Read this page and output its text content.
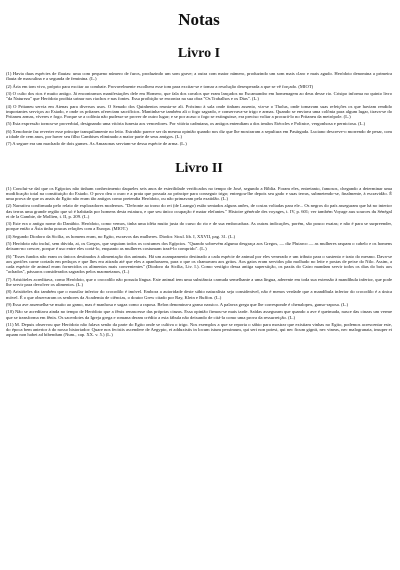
Notas
Livro I

(1) Havia duas espécies de flautas: uma com pequeno número de furos, produzindo um som grave; a outra com maior número, produzindo um som mais claro e mais agudo. Heródoto denomina a primeira flauta de masculina e a segunda de feminina. (L.)

(2) Ária em tom vivo, próprio para excitar ao combate. Provavelmente escolhera esse tom para excitar-se e tomar a resolução desesperada a que se vê forçado. (MIOT)

(3) O culto dos rios é muito antigo. Já encontramos manifestações dele em Homero, que fala dos cavalos que eram lançados no Escamandro em homenagem ao deus desse rio. Crisipo informa no quinto livro "da Natureza" que Heródoto proibia urinar nos riachos e nas fontes. Essa proibição se encontra na sua obra "Os Trabalhos e os Dias". (L.)

(4) O Pritaneu servia em Atenas para diversos usos. O Senado dos Quinhentos reunia-se ali. Próximo à sala onde tinham assento, via-se o Tholus, onde tomavam suas refeições os que haviam rendido importantes serviços ao Estado, e onde os prítanes ofereciam sacrifícios. Mantinha-se também ali o fogo sagrado, e conservava-se trigo e armas. Quando se enviava uma colônia para algum lugar, tirava-se do Pritaneu armas, víveres e fogo. Porque se a colônia não pudesse se prover de outro lugar; e se por acaso o fogo se extinguisse, era preciso voltar a procurá-lo no Pritaneu da metrópole. (L.)

(5) Esta expressão tornou-se proverbial, designando uma vitória funesta aos vencedores. Por vitória cadmiana, os antigos entendiam a dos irmãos Etéocles e Polinice, vergonhosa e perniciosa. (L.)

(6) Xenofonte faz reverter esse príncipe tranquilamente no leito. Estrabão parece ser da mesma opinião quando nos diz que lhe mostraram a sepultura em Pasárgada. Luciano descreve-o morrendo de pesar, com a idade de cem anos, por haver seu filho Cambises eliminado a maior parte de seus amigos. (L.)

(7) A segure era um machado de dois gumes. As Amazonas serviam-se dessa espécie de arma. (L.)

Livro II

(1) Conclui-se daí que os Egípcios não tinham conhecimento daqueles seis anos de esterilidade verificados no tempo de José, segundo a Bíblia. Foram eles, entretanto, famosos, chegando a determinar uma modificação total na constituição do Estado. O povo deu o ouro e a prata que possuía ao príncipe para conseguir trigo; entregou-lhe depois seu gado e suas terras, submetendo-se, finalmente, à escravidão. É uma prova de que os anais do Egito não eram tão antigos como pretendia Heródoto, ou não primavam pela exatidão. (L.)

(2) Narrativa confirmada pelo relato de exploradores modernos. "Defronte ao trono do rei (de Loango) estão sentados alguns anões, de costas voltadas para ele... Os negros do país asseguram que há no interior das terras uma grande região que só é habitada por homens desta estatura, e que seu único ocupação é matar elefantes." Histoire générale des voyages, t. IV, p. 601; ver também Voyage aux sources du Sénégal et de la Gambie, de Mollien, t. II, p. 209. (L.)

(3) Este era o antigo nome do Danúbio. Heródoto, como vemos, tinha uma idéia muito justa do curso do rio e de sua embocadura. As outras indicações, porém, são pouco exatas; e não é para se surpreender, porque então a Ásia tinha poucas relações com a Europa. (MIOT.)

(4) Segundo Diodoro da Sicília, os homens eram, no Egito, escravos das mulheres. Diodor. Sicul. lib. I, XXVII, pag. 31. (L.)

(5) Heródoto não incluí, sem dúvida, ai, os Gregos, que seguiam todos os costumes dos Egípcios. "Quando sobrevém alguma desgraça aos Gregos, — diz Plutarco — as mulheres raspam o cabelo e os homens deixam-no crescer, porque é uso entre eles cortá-lo, enquanto as mulheres costumam trazê-lo comprido". (L.)

(6) "Esses fundos não eram os únicos destinados à alimentação dos animais. Há um acampamento destinado a cada espécie de animal por eles venerado e um tributo para o sustento e trato do mesmo. Dava-se aos gaviões carne cortada em pedaços e que lhes era atirada até que eles a apanhassem, para o que os chamavam aos gritos. Aos gatos eram servidos pão molhado no leite e postas de peixe do Nilo. Assim, a cada espécie de animal eram fornecidos os alimentos mais convenientes" (Diodoro da Sicília, Liv. I.). Como vestígio dessa antiga superstição, os paxás do Cairo mandam servir todos os dias do bois aos "achados", pássaros considerados sagrados pelos maometanos, (L.)

(7) Aristóteles acreditava, como Heródoto, que o crocodilo não possuía língua. Este animal tem uma substância carnuda semelhante a uma língua, aderente em toda sua extensão à mandíbula inferior, que pode lhe servir para devolver os alimentos. (L.)

(8) Aristóteles diz também que o maxilar inferior do crocodilo é imóvel. Embora a autoridade deste sábio naturalista seja considerável, não é menos verdade que a mandíbula inferior do crocodilo é a única móvel. É o que observaram os senhores da Academia de ciências, o doutor Grew citado por Ray, Klein e Buffon. (L.)

(9) Essa ave assemelha-se muito ao gamo, mas é manhosa e sagaz como a raposa. Belon denomina-a ganso nassico. A palavra grega que lhe corresponde é chenalopex, ganso-raposa. (L.)

(10) Não se acreditava ainda no tempo de Heródoto que a fênix renascesse das próprias cinzas. Essa opinião firmou-se mais tarde. Saídas asseguram que quando a ave é queimada, nasce das cinzas um verme que se transforma em fênix. Os sacerdotes da Igreja grega e romana deram crédito a esta fábula não deixando de citá-la como uma prova da ressurreição. (L.)

(11) M. Depuis observou que Heródoto não falava senão da parte do Egito onde se cultiva o trigo. Nos exemplos a que se reporta o sábio para mostrar que existiam vinhas no Egito, podemos acrescentar este, do época bem anterior à do nosso historiador: Quare nos fecistis ascendere de Aegypto, et adduxistis in locum istum pessimum, qui seri non potest, qui nec ficum gignit, nec vineas, nec malogranata, insuper et aquam non habet ad bibendum (Num., cap. XX. v. 5.) (L.)
